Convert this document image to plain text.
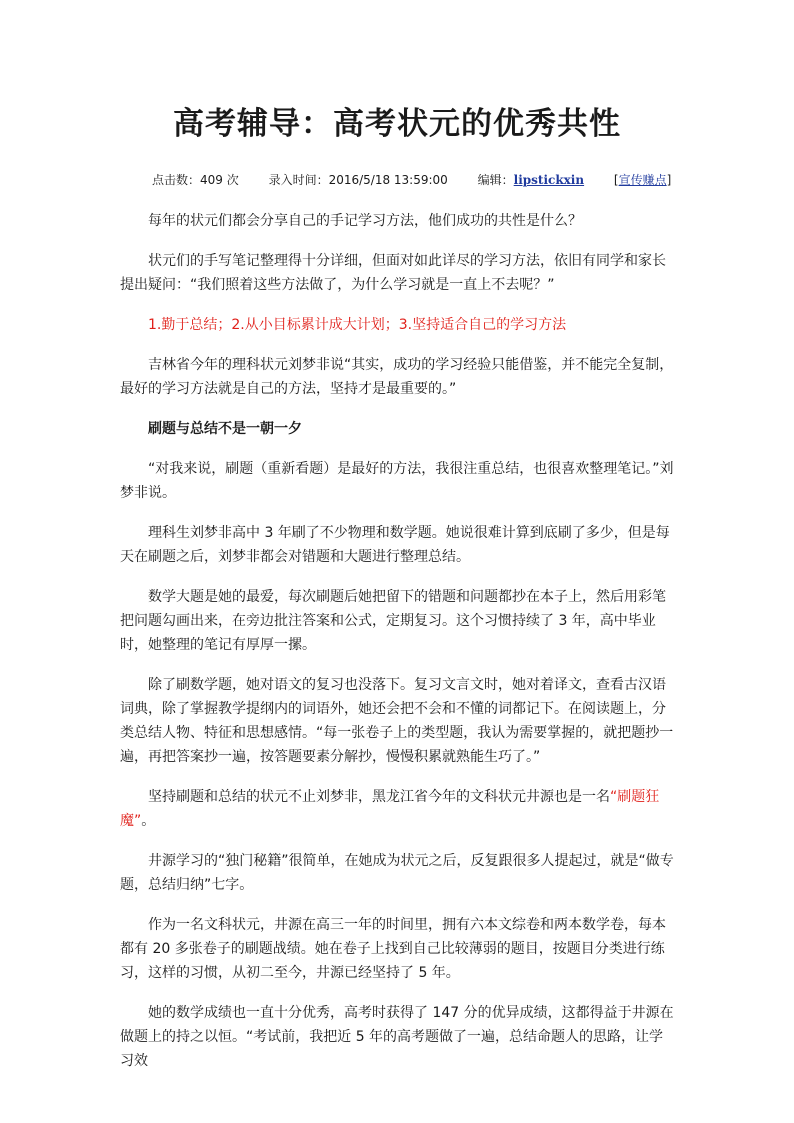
高考辅导：高考状元的优秀共性
点击数：409 次 录入时间：2016/5/18 13:59:00 编辑：lipstickxin [宣传赚点]

每年的状元们都会分享自己的手记学习方法，他们成功的共性是什么？

状元们的手写笔记整理得十分详细，但面对如此详尽的学习方法，依旧有同学和家长提出疑问：“我们照着这些方法做了，为什么学习就是一直上不去呢？”

1.勤于总结；2.从小目标累计成大计划；3.坚持适合自己的学习方法

吉林省今年的理科状元刘梦非说“其实，成功的学习经验只能借鉴，并不能完全复制，最好的学习方法就是自己的方法，坚持才是最重要的。”

刷题与总结不是一朝一夕

“对我来说，刷题（重新看题）是最好的方法，我很注重总结，也很喜欢整理笔记。”刘梦非说。

理科生刘梦非高中 3 年刷了不少物理和数学题。她说很难计算到底刷了多少，但是每天在刷题之后，刘梦非都会对错题和大题进行整理总结。

数学大题是她的最爱，每次刷题后她把留下的错题和问题都抄在本子上，然后用彩笔把问题勾画出来，在旁边批注答案和公式，定期复习。这个习惯持续了 3 年，高中毕业时，她整理的笔记有厚厚一摞。

除了刷数学题，她对语文的复习也没落下。复习文言文时，她对着译文，查看古汉语词典，除了掌握教学提纲内的词语外，她还会把不会和不懂的词都记下。在阅读题上，分类总结人物、特征和思想感情。“每一张卷子上的类型题，我认为需要掌握的，就把题抄一遍，再把答案抄一遍，按答题要素分解抄，慢慢积累就熟能生巧了。”

坚持刷题和总结的状元不止刘梦非，黑龙江省今年的文科状元井源也是一名“刷题狂魔”。

井源学习的“独门秘籍”很简单，在她成为状元之后，反复跟很多人提起过，就是“做专题，总结归纳”七字。

作为一名文科状元，井源在高三一年的时间里，拥有六本文综卷和两本数学卷，每本都有 20 多张卷子的刷题战绩。她在卷子上找到自己比较薄弱的题目，按题目分类进行练习，这样的习惯，从初二至今，井源已经坚持了 5 年。

她的数学成绩也一直十分优秀，高考时获得了 147 分的优异成绩，这都得益于井源在做题上的持之以恒。“考试前，我把近 5 年的高考题做了一遍，总结命题人的思路，让学习效
